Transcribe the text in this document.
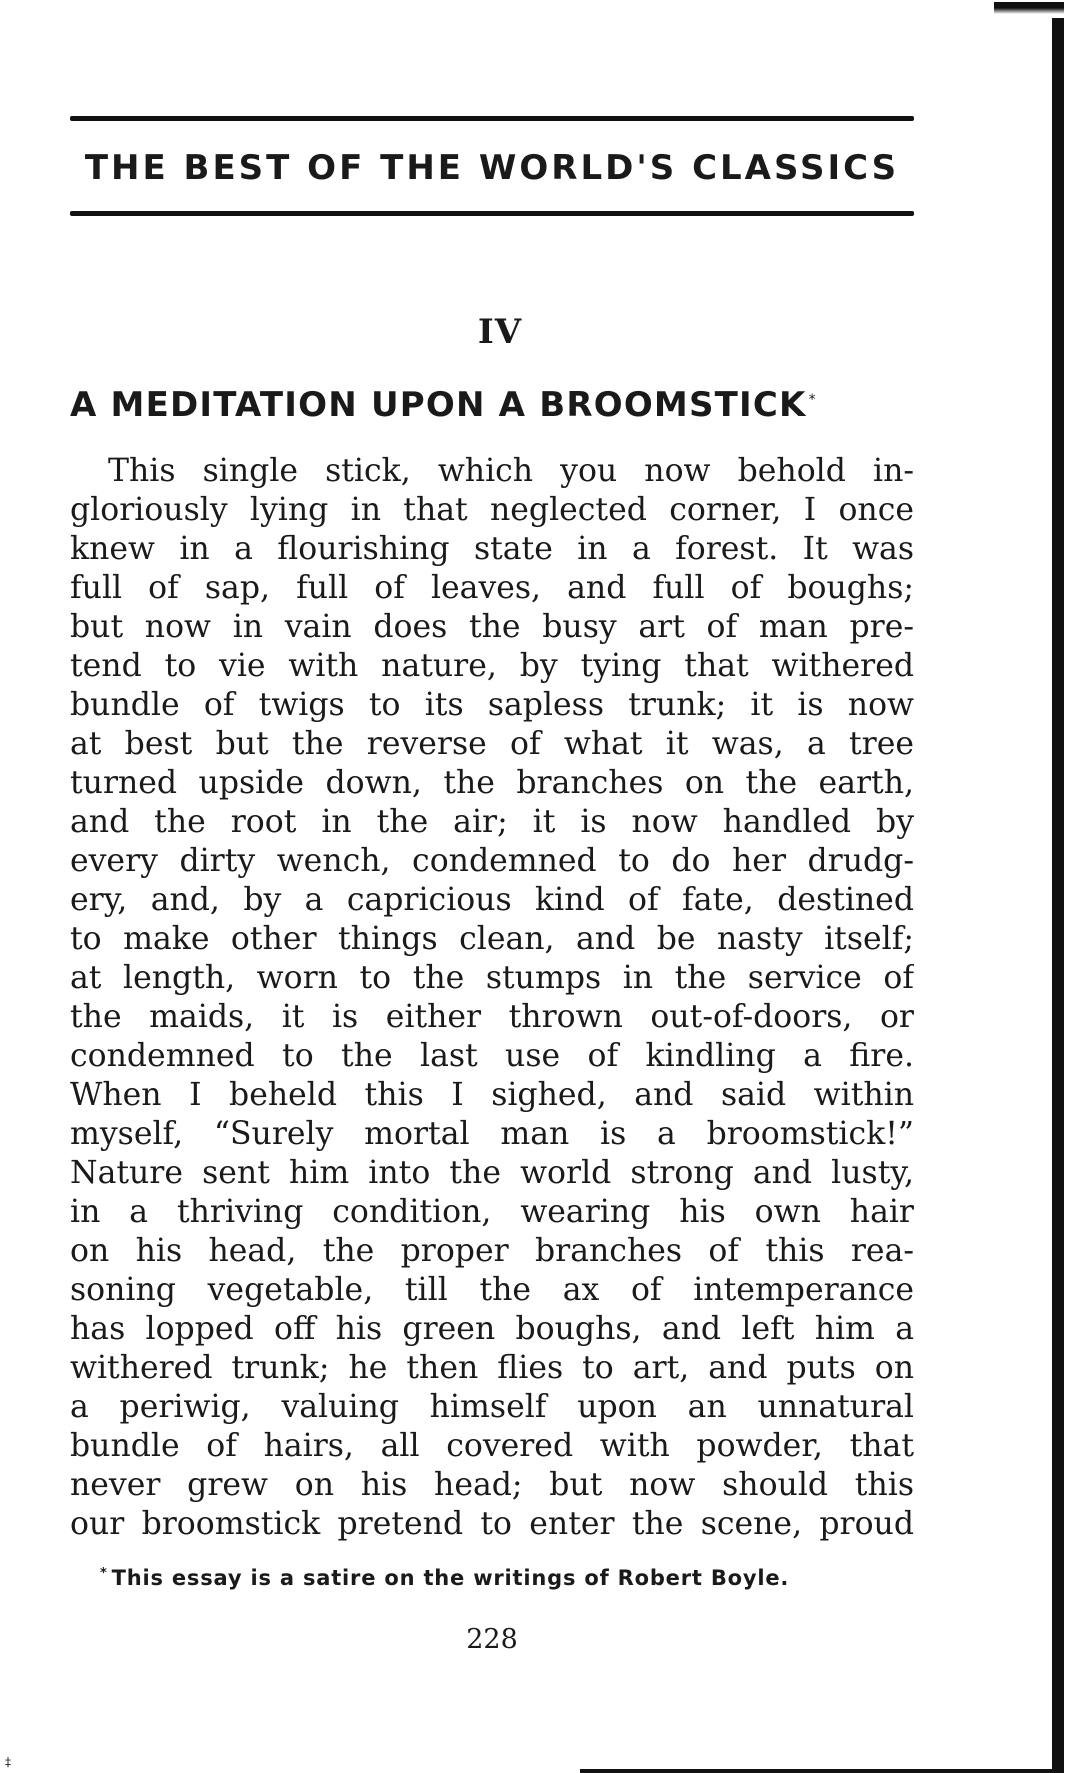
‡
THE BEST OF THE WORLD'S CLASSICS
IV
A MEDITATION UPON A BROOMSTICK *
This single stick, which you now behold in-
gloriously lying in that neglected corner, I once
knew in a flourishing state in a forest. It was
full of sap, full of leaves, and full of boughs;
but now in vain does the busy art of man pre-
tend to vie with nature, by tying that withered
bundle of twigs to its sapless trunk; it is now
at best but the reverse of what it was, a tree
turned upside down, the branches on the earth,
and the root in the air; it is now handled by
every dirty wench, condemned to do her drudg-
ery, and, by a capricious kind of fate, destined
to make other things clean, and be nasty itself;
at length, worn to the stumps in the service of
the maids, it is either thrown out-of-doors, or
condemned to the last use of kindling a fire.
When I beheld this I sighed, and said within
myself, “Surely mortal man is a broomstick!”
Nature sent him into the world strong and lusty,
in a thriving condition, wearing his own hair
on his head, the proper branches of this rea-
soning vegetable, till the ax of intemperance
has lopped off his green boughs, and left him a
withered trunk; he then flies to art, and puts on
a periwig, valuing himself upon an unnatural
bundle of hairs, all covered with powder, that
never grew on his head; but now should this
our broomstick pretend to enter the scene, proud
* This essay is a satire on the writings of Robert Boyle.
228
